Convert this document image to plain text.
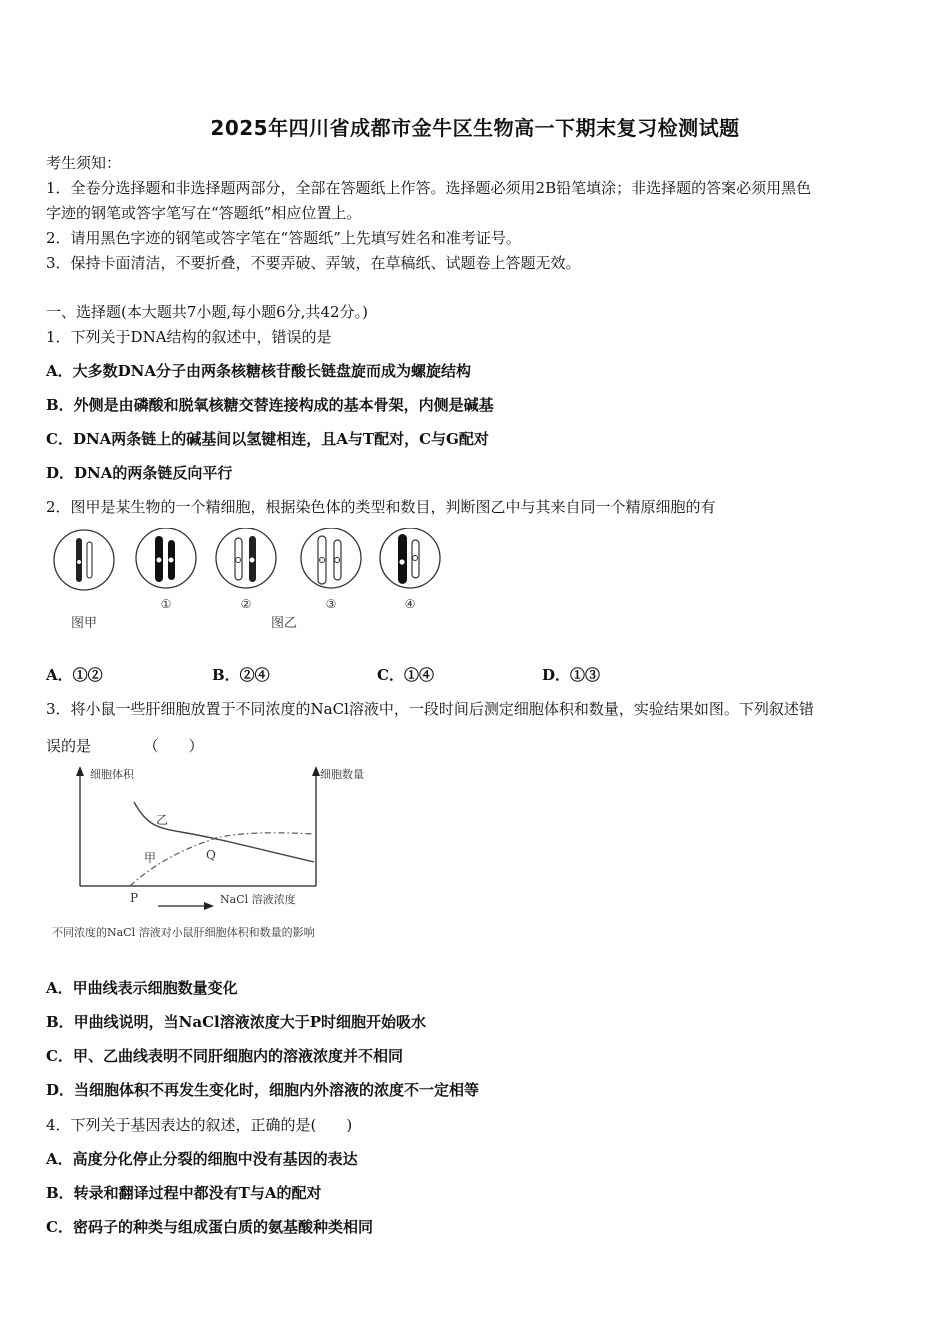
2025年四川省成都市金牛区生物高一下期末复习检测试题
考生须知：
1．全卷分选择题和非选择题两部分，全部在答题纸上作答。选择题必须用2B铅笔填涂；非选择题的答案必须用黑色
字迹的钢笔或答字笔写在“答题纸”相应位置上。
2．请用黑色字迹的钢笔或答字笔在“答题纸”上先填写姓名和准考证号。
3．保持卡面清洁，不要折叠，不要弄破、弄皱，在草稿纸、试题卷上答题无效。
一、选择题(本大题共7小题,每小题6分,共42分。)
1．下列关于DNA结构的叙述中，错误的是
A．大多数DNA分子由两条核糖核苷酸长链盘旋而成为螺旋结构
B．外侧是由磷酸和脱氧核糖交替连接构成的基本骨架，内侧是碱基
C．DNA两条链上的碱基间以氢键相连，且A与T配对，C与G配对
D．DNA的两条链反向平行
2．图甲是某生物的一个精细胞，根据染色体的类型和数目，判断图乙中与其来自同一个精原细胞的有
①	②	③	④
图甲	图乙
A．①②	B．②④	C．①④	D．①③
3．将小鼠一些肝细胞放置于不同浓度的NaCl溶液中，一段时间后测定细胞体积和数量，实验结果如图。下列叙述错
误的是　　　　（　　）
细胞体积	细胞数量
乙
甲	Q
P	NaCl 溶液浓度
不同浓度的NaCl 溶液对小鼠肝细胞体积和数量的影响
A．甲曲线表示细胞数量变化
B．甲曲线说明，当NaCl溶液浓度大于P时细胞开始吸水
C．甲、乙曲线表明不同肝细胞内的溶液浓度并不相同
D．当细胞体积不再发生变化时，细胞内外溶液的浓度不一定相等
4．下列关于基因表达的叙述，正确的是(　　)
A．高度分化停止分裂的细胞中没有基因的表达
B．转录和翻译过程中都没有T与A的配对
C．密码子的种类与组成蛋白质的氨基酸种类相同
